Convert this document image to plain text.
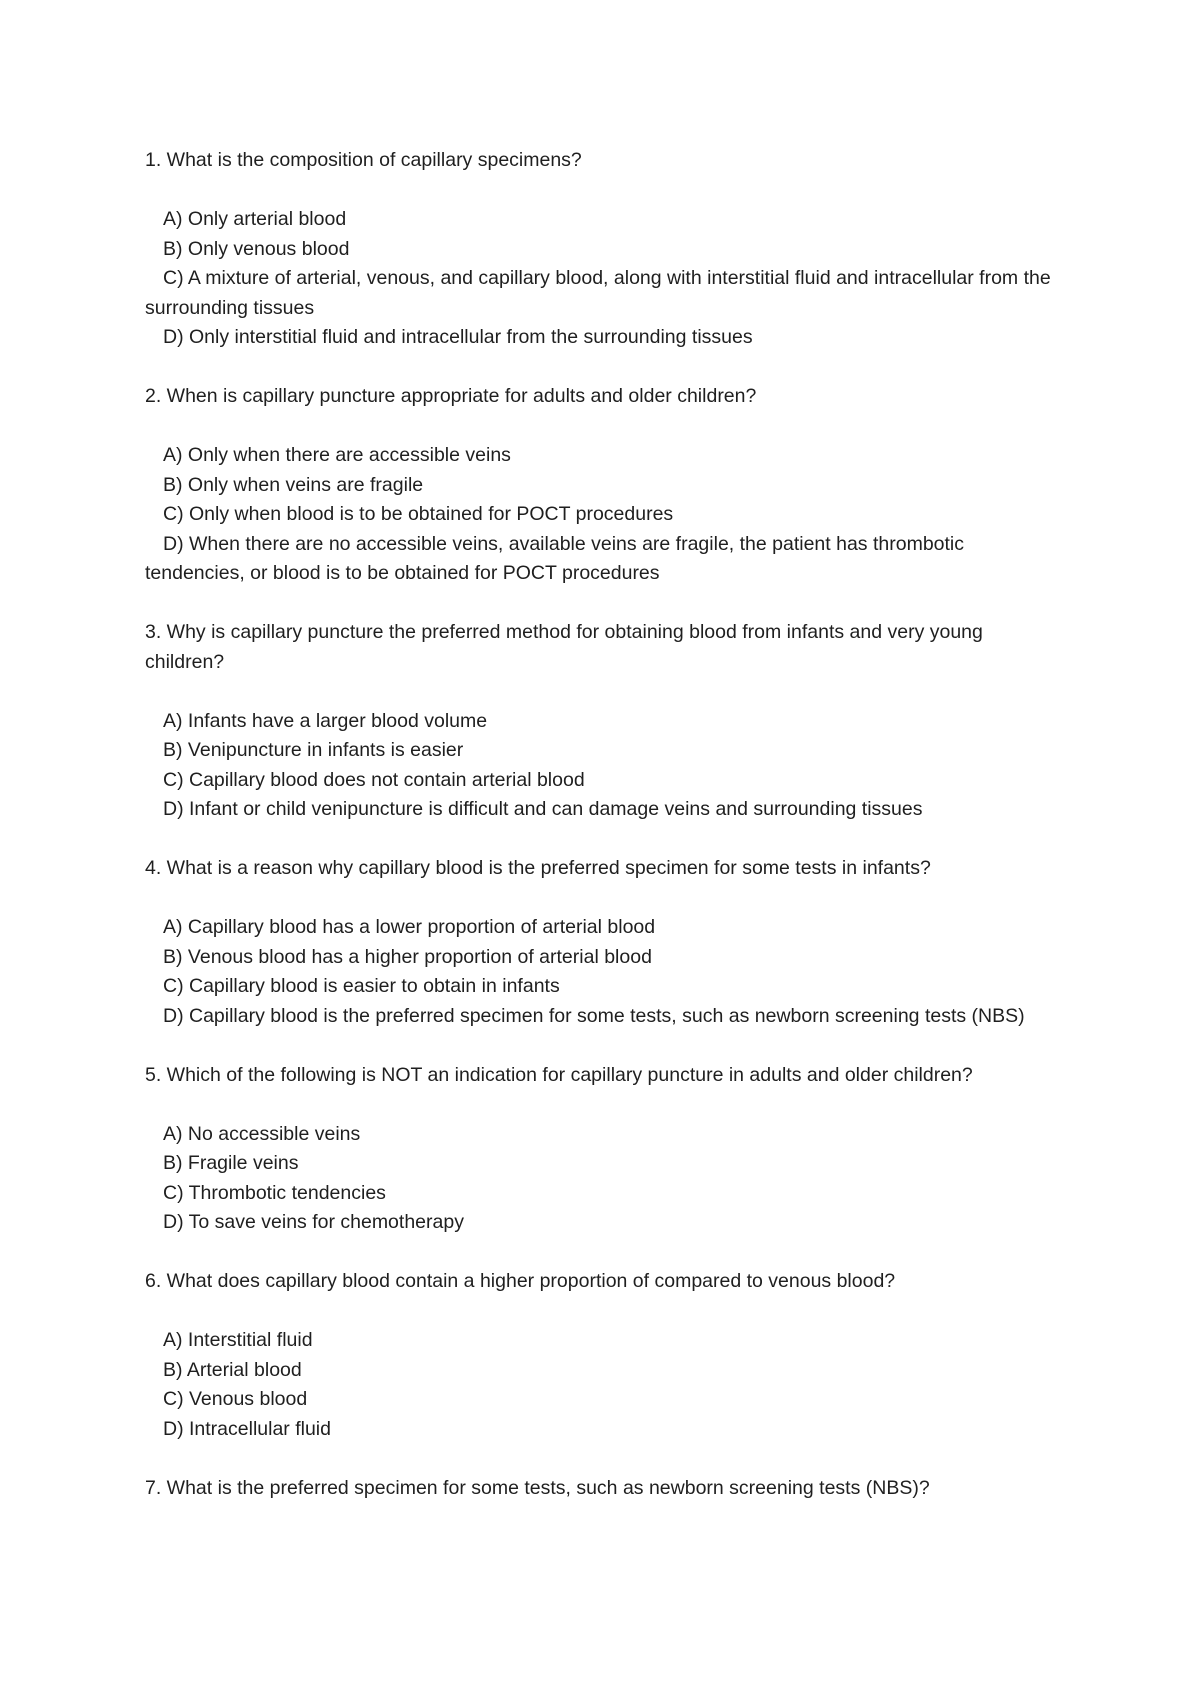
1. What is the composition of capillary specimens?

A) Only arterial blood
B) Only venous blood
C) A mixture of arterial, venous, and capillary blood, along with interstitial fluid and intracellular from the surrounding tissues
D) Only interstitial fluid and intracellular from the surrounding tissues

2. When is capillary puncture appropriate for adults and older children?

A) Only when there are accessible veins
B) Only when veins are fragile
C) Only when blood is to be obtained for POCT procedures
D) When there are no accessible veins, available veins are fragile, the patient has thrombotic tendencies, or blood is to be obtained for POCT procedures

3. Why is capillary puncture the preferred method for obtaining blood from infants and very young children?

A) Infants have a larger blood volume
B) Venipuncture in infants is easier
C) Capillary blood does not contain arterial blood
D) Infant or child venipuncture is difficult and can damage veins and surrounding tissues

4. What is a reason why capillary blood is the preferred specimen for some tests in infants?

A) Capillary blood has a lower proportion of arterial blood
B) Venous blood has a higher proportion of arterial blood
C) Capillary blood is easier to obtain in infants
D) Capillary blood is the preferred specimen for some tests, such as newborn screening tests (NBS)

5. Which of the following is NOT an indication for capillary puncture in adults and older children?

A) No accessible veins
B) Fragile veins
C) Thrombotic tendencies
D) To save veins for chemotherapy

6. What does capillary blood contain a higher proportion of compared to venous blood?

A) Interstitial fluid
B) Arterial blood
C) Venous blood
D) Intracellular fluid

7. What is the preferred specimen for some tests, such as newborn screening tests (NBS)?
